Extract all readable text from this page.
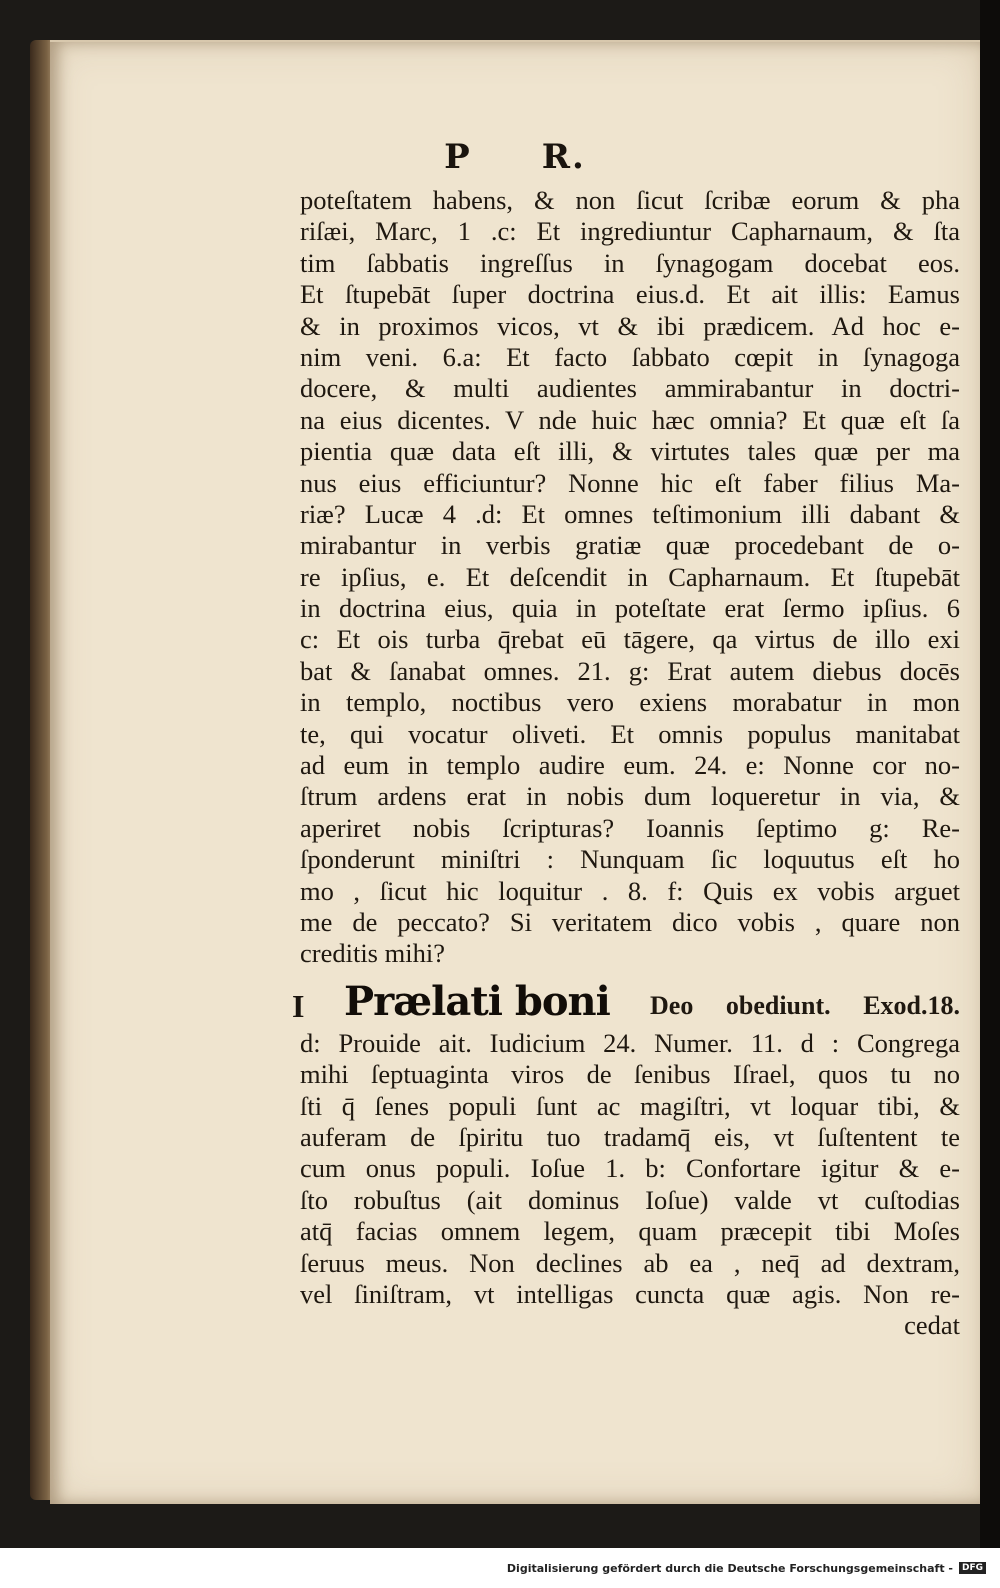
P R.
poteſtatem habens, & non ſicut ſcribæ eorum & pha
riſæi, Marc, 1 .c: Et ingrediuntur Capharnaum, & ſta
tim ſabbatis ingreſſus in ſynagogam docebat eos.
Et ſtupebāt ſuper doctrina eius.d. Et ait illis: Eamus
& in proximos vicos, vt & ibi prædicem. Ad hoc e-
nim veni. 6.a: Et facto ſabbato cœpit in ſynagoga
docere, & multi audientes ammirabantur in doctri-
na eius dicentes. V nde huic hæc omnia? Et quæ eſt ſa
pientia quæ data eſt illi, & virtutes tales quæ per ma
nus eius efficiuntur? Nonne hic eſt faber filius Ma-
riæ? Lucæ 4 .d: Et omnes teſtimonium illi dabant &
mirabantur in verbis gratiæ quæ procedebant de o-
re ipſius, e. Et deſcendit in Capharnaum. Et ſtupebāt
in doctrina eius, quia in poteſtate erat ſermo ipſius. 6
c: Et ois turba q̄rebat eū tāgere, qa virtus de illo exi
bat & ſanabat omnes. 21. g: Erat autem diebus docēs
in templo, noctibus vero exiens morabatur in mon
te, qui vocatur olivetі. Et omnis populus manitabat
ad eum in templo audire eum. 24. e: Nonne cor no-
ſtrum ardens erat in nobis dum loqueretur in via, &
aperiret nobis ſcripturas? Ioannis ſeptimo g: Re-
ſponderunt miniſtri : Nunquam ſic loquutus eſt ho
mo , ſicut hic loquitur . 8. f: Quis ex vobis arguet
me de peccato? Si veritatem dico vobis , quare non
creditis mihi?
I Prælati boni Deo obediunt. Exod.18.
d: Prouide ait. Iudicium 24. Numer. 11. d : Congrega
mihi ſeptuaginta viros de ſenibus Iſrael, quos tu no
ſti q̄ ſenes populi ſunt ac magiſtri, vt loquar tibi, &
auferam de ſpiritu tuo tradamq̄ eis, vt ſuſtentent te
cum onus populi. Ioſue 1. b: Confortare igitur & e-
ſto robuſtus (ait dominus Ioſue) valde vt cuſtodias
atq̄ facias omnem legem, quam præcepit tibi Moſes
ſeruus meus. Non declines ab ea , neq̄ ad dextram,
vel ſiniſtram, vt intelligas cuncta quæ agis. Non re-
cedat
Digitalisierung gefördert durch die Deutsche Forschungsgemeinschaft -	DFG
